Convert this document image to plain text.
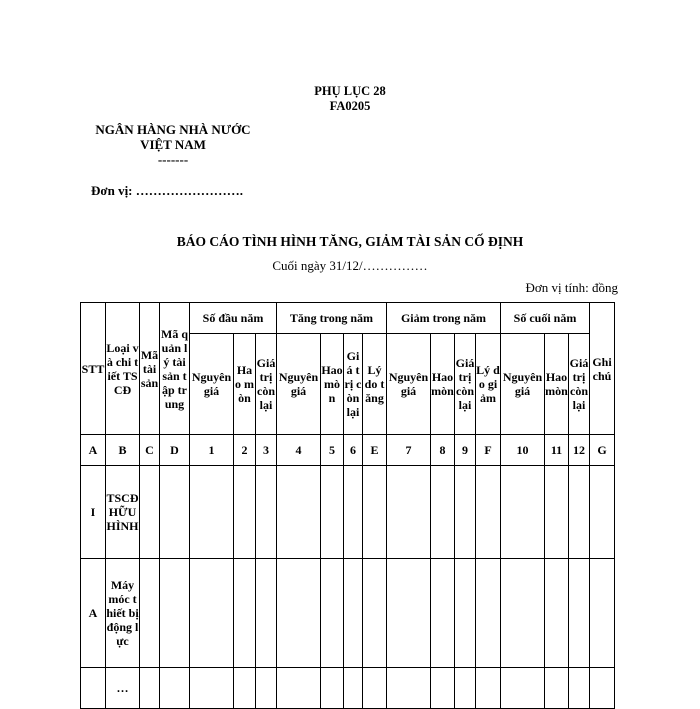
PHỤ LỤC 28
FA0205
NGÂN HÀNG NHÀ NƯỚC
VIỆT NAM
-------
Đơn vị: …………………….
BÁO CÁO TÌNH HÌNH TĂNG, GIẢM TÀI SẢN CỐ ĐỊNH
Cuối ngày 31/12/……………
Đơn vị tính: đồng
STT	Loại và chi tiết TSCĐ	Mã tài sản	Mã quản lý tài sản tập trung	Số đầu năm			Tăng trong năm				Giảm trong năm				Số cuối năm			Ghi chú
				Nguyên giá	Hao mòn	Giá trị còn lại	Nguyên giá	Hao mòn	Giá trị còn lại	Lý do tăng	Nguyên giá	Hao mòn	Giá trị còn lại	Lý do giảm	Nguyên giá	Hao mòn	Giá trị còn lại	
A	B	C	D	1	2	3	4	5	6	E	7	8	9	F	10	11	12	G
I	TSCĐ HỮU HÌNH																	
A	Máy móc thiết bị động lực																	
	…																	
